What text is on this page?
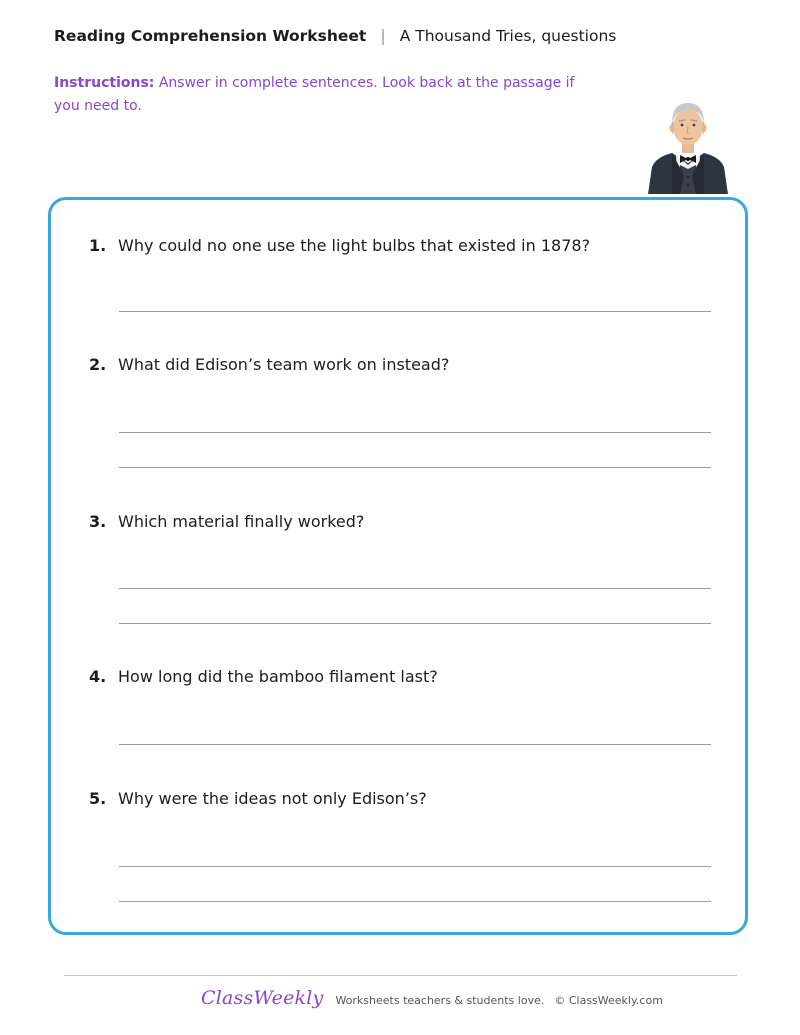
Reading Comprehension Worksheet | A Thousand Tries, questions
Instructions: Answer in complete sentences. Look back at the passage if you need to.
1. Why could no one use the light bulbs that existed in 1878?
2. What did Edison’s team work on instead?
3. Which material finally worked?
4. How long did the bamboo filament last?
5. Why were the ideas not only Edison’s?
ClassWeekly Worksheets teachers & students love. © ClassWeekly.com
